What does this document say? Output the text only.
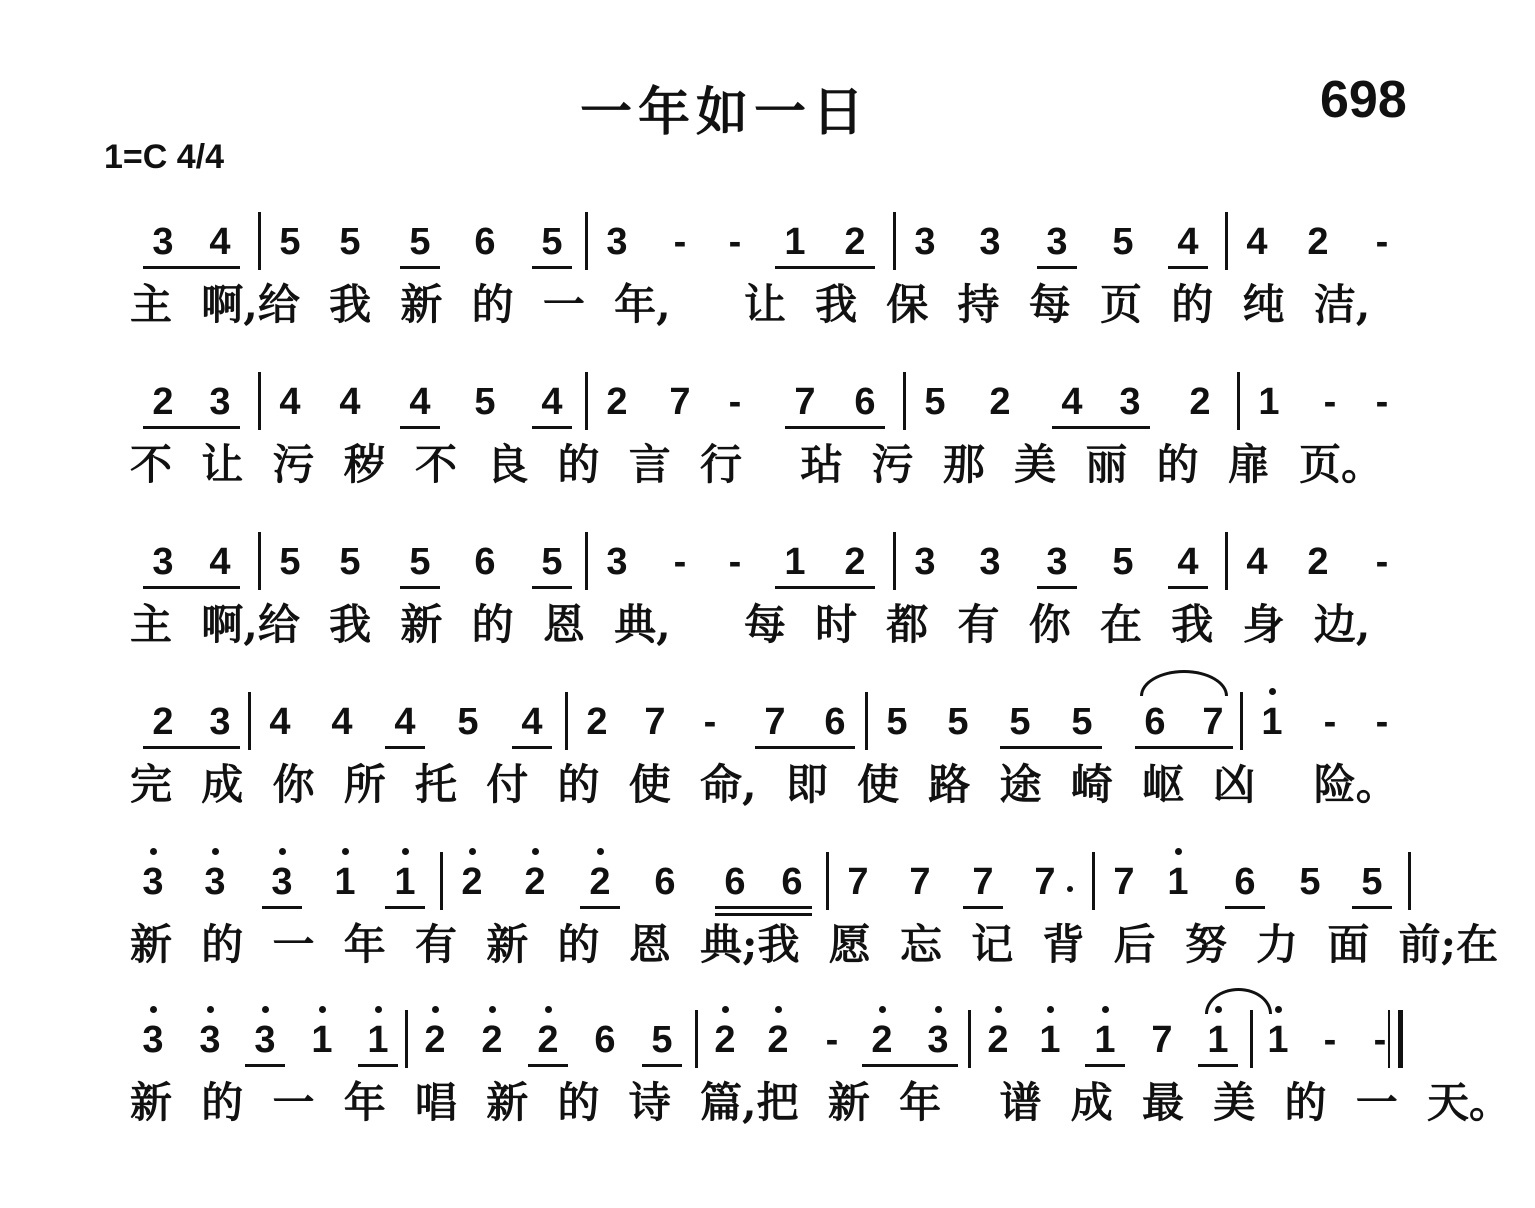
一年如一日	698
1=C 4/4
3 4 5 5 5 6 5 3	-	-	1 2 3 3 3 5 4 4 2	-
主  啊,给  我  新  的  一  年,     让  我  保  持  每  页  的  纯  洁,
2 3 4 4 4 5 4 2 7	-	7 6 5 2 4 3 2 1	-	-
不  让  污  秽  不  良  的  言  行    玷  污  那  美  丽  的  扉  页。
3 4 5 5 5 6 5 3	-	-	1 2 3 3 3 5 4 4 2	-
主  啊,给  我  新  的  恩  典,     每  时  都  有  你  在  我  身  边,
2 3 4 4 4 5 4 2 7	-	7 6 5 5 5 5 6 7 1	-	-
完  成  你  所  托  付  的  使  命,  即  使  路  途  崎  岖  凶    险。
3 3 3 1 1 2 2 2 6 6 6 7 7 7 7 7 1 6 5 5
新  的  一  年  有  新  的  恩  典;我  愿  忘  记  背  后  努  力  面  前;在
3 3 3 1 1 2 2 2 6 5 2 2 - 2 3 2 1 1 7 1 1 - -
新  的  一  年  唱  新  的  诗  篇,把  新  年    谱  成  最  美  的  一  天。
